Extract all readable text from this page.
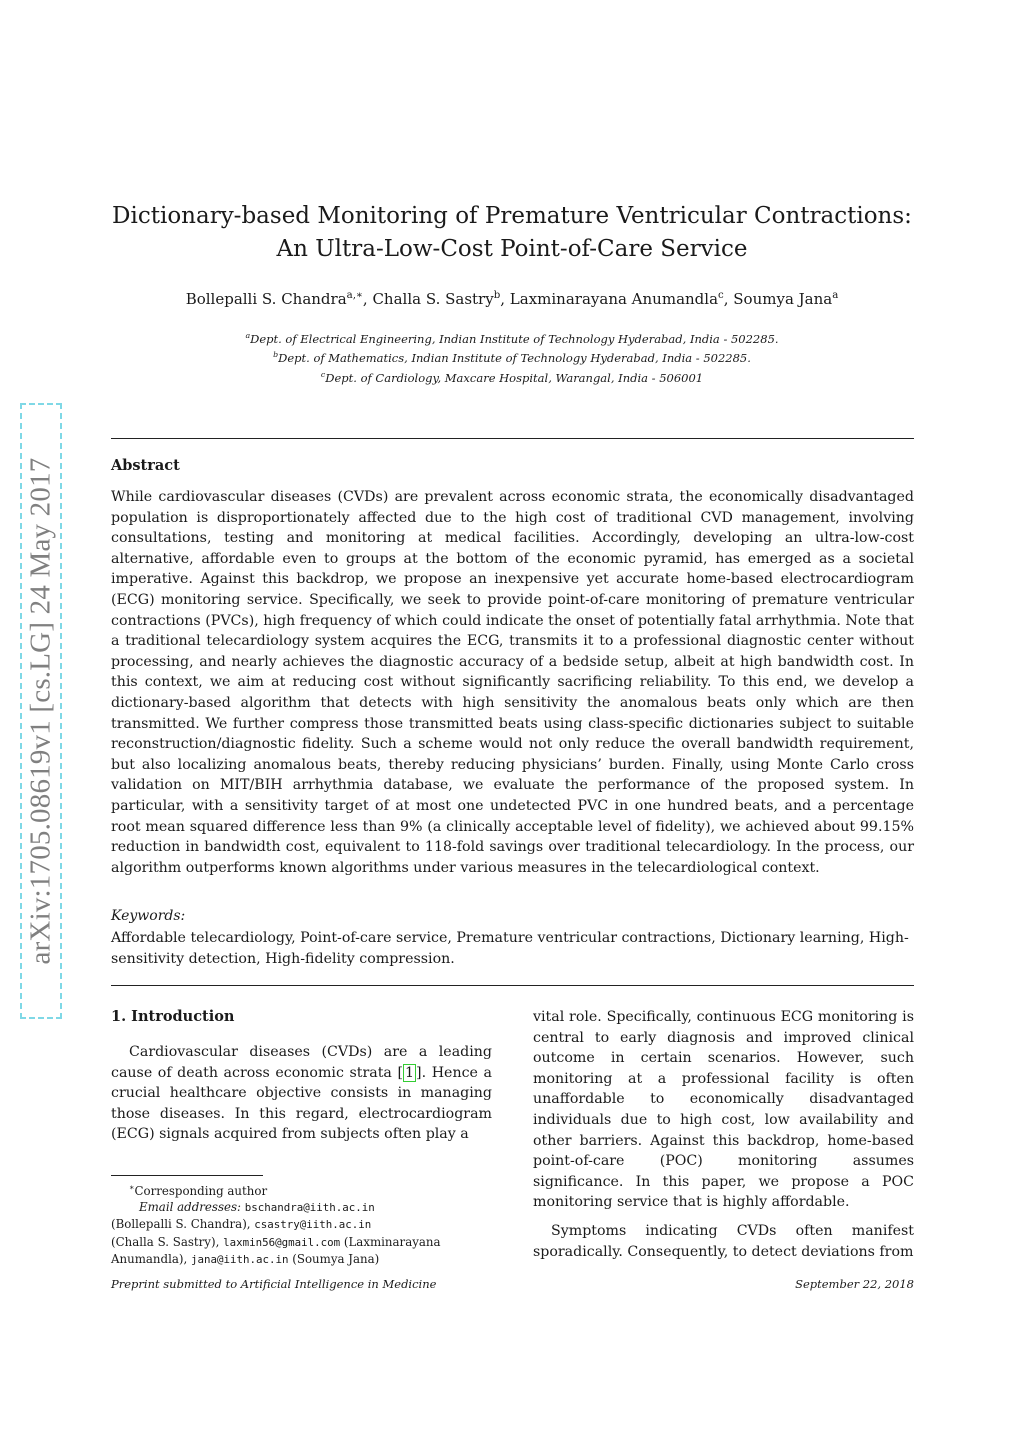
arXiv:1705.08619v1 [cs.LG] 24 May 2017
Dictionary-based Monitoring of Premature Ventricular Contractions:
An Ultra-Low-Cost Point-of-Care Service
Bollepalli S. Chandra$^{a,∗}$, Challa S. Sastry$^b$, Laxminarayana Anumandla$^c$, Soumya Jana$^a$
$^a$Dept. of Electrical Engineering, Indian Institute of Technology Hyderabad, India - 502285.
$^b$Dept. of Mathematics, Indian Institute of Technology Hyderabad, India - 502285.
$^c$Dept. of Cardiology, Maxcare Hospital, Warangal, India - 506001
Abstract
While cardiovascular diseases (CVDs) are prevalent across economic strata, the economically disadvantaged population is disproportionately affected due to the high cost of traditional CVD management, involving consultations, testing and monitoring at medical facilities. Accordingly, developing an ultra-low-cost alternative, affordable even to groups at the bottom of the economic pyramid, has emerged as a societal imperative. Against this backdrop, we propose an inexpensive yet accurate home-based electrocardiogram (ECG) monitoring service. Specifically, we seek to provide point-of-care monitoring of premature ventricular contractions (PVCs), high frequency of which could indicate the onset of potentially fatal arrhythmia. Note that a traditional telecardiology system acquires the ECG, transmits it to a professional diagnostic center without processing, and nearly achieves the diagnostic accuracy of a bedside setup, albeit at high bandwidth cost. In this context, we aim at reducing cost without significantly sacrificing reliability. To this end, we develop a dictionary-based algorithm that detects with high sensitivity the anomalous beats only which are then transmitted. We further compress those transmitted beats using class-specific dictionaries subject to suitable reconstruction/diagnostic fidelity. Such a scheme would not only reduce the overall bandwidth requirement, but also localizing anomalous beats, thereby reducing physicians’ burden. Finally, using Monte Carlo cross validation on MIT/BIH arrhythmia database, we evaluate the performance of the proposed system. In particular, with a sensitivity target of at most one undetected PVC in one hundred beats, and a percentage root mean squared difference less than 9% (a clinically acceptable level of fidelity), we achieved about 99.15% reduction in bandwidth cost, equivalent to 118-fold savings over traditional telecardiology. In the process, our algorithm outperforms known algorithms under various measures in the telecardiological context.
Keywords:
Affordable telecardiology, Point-of-care service, Premature ventricular contractions, Dictionary learning, High-sensitivity detection, High-fidelity compression.
1. Introduction

Cardiovascular diseases (CVDs) are a leading cause of death across economic strata [ 1 ]. Hence a crucial healthcare objective consists in managing those diseases. In this regard, electrocardiogram (ECG) signals acquired from subjects often play a

vital role. Specifically, continuous ECG monitoring is central to early diagnosis and improved clinical outcome in certain scenarios. However, such monitoring at a professional facility is often unaffordable to economically disadvantaged individuals due to high cost, low availability and other barriers. Against this backdrop, home-based point-of-care (POC) monitoring assumes significance. In this paper, we propose a POC monitoring service that is highly affordable.

Symptoms indicating CVDs often manifest sporadically. Consequently, to detect deviations from

∗Corresponding author
Email addresses: bschandra@iith.ac.in
(Bollepalli S. Chandra), csastry@iith.ac.in
(Challa S. Sastry), laxmin56@gmail.com (Laxminarayana Anumandla), jana@iith.ac.in (Soumya Jana)
Preprint submitted to Artificial Intelligence in Medicine	September 22, 2018
